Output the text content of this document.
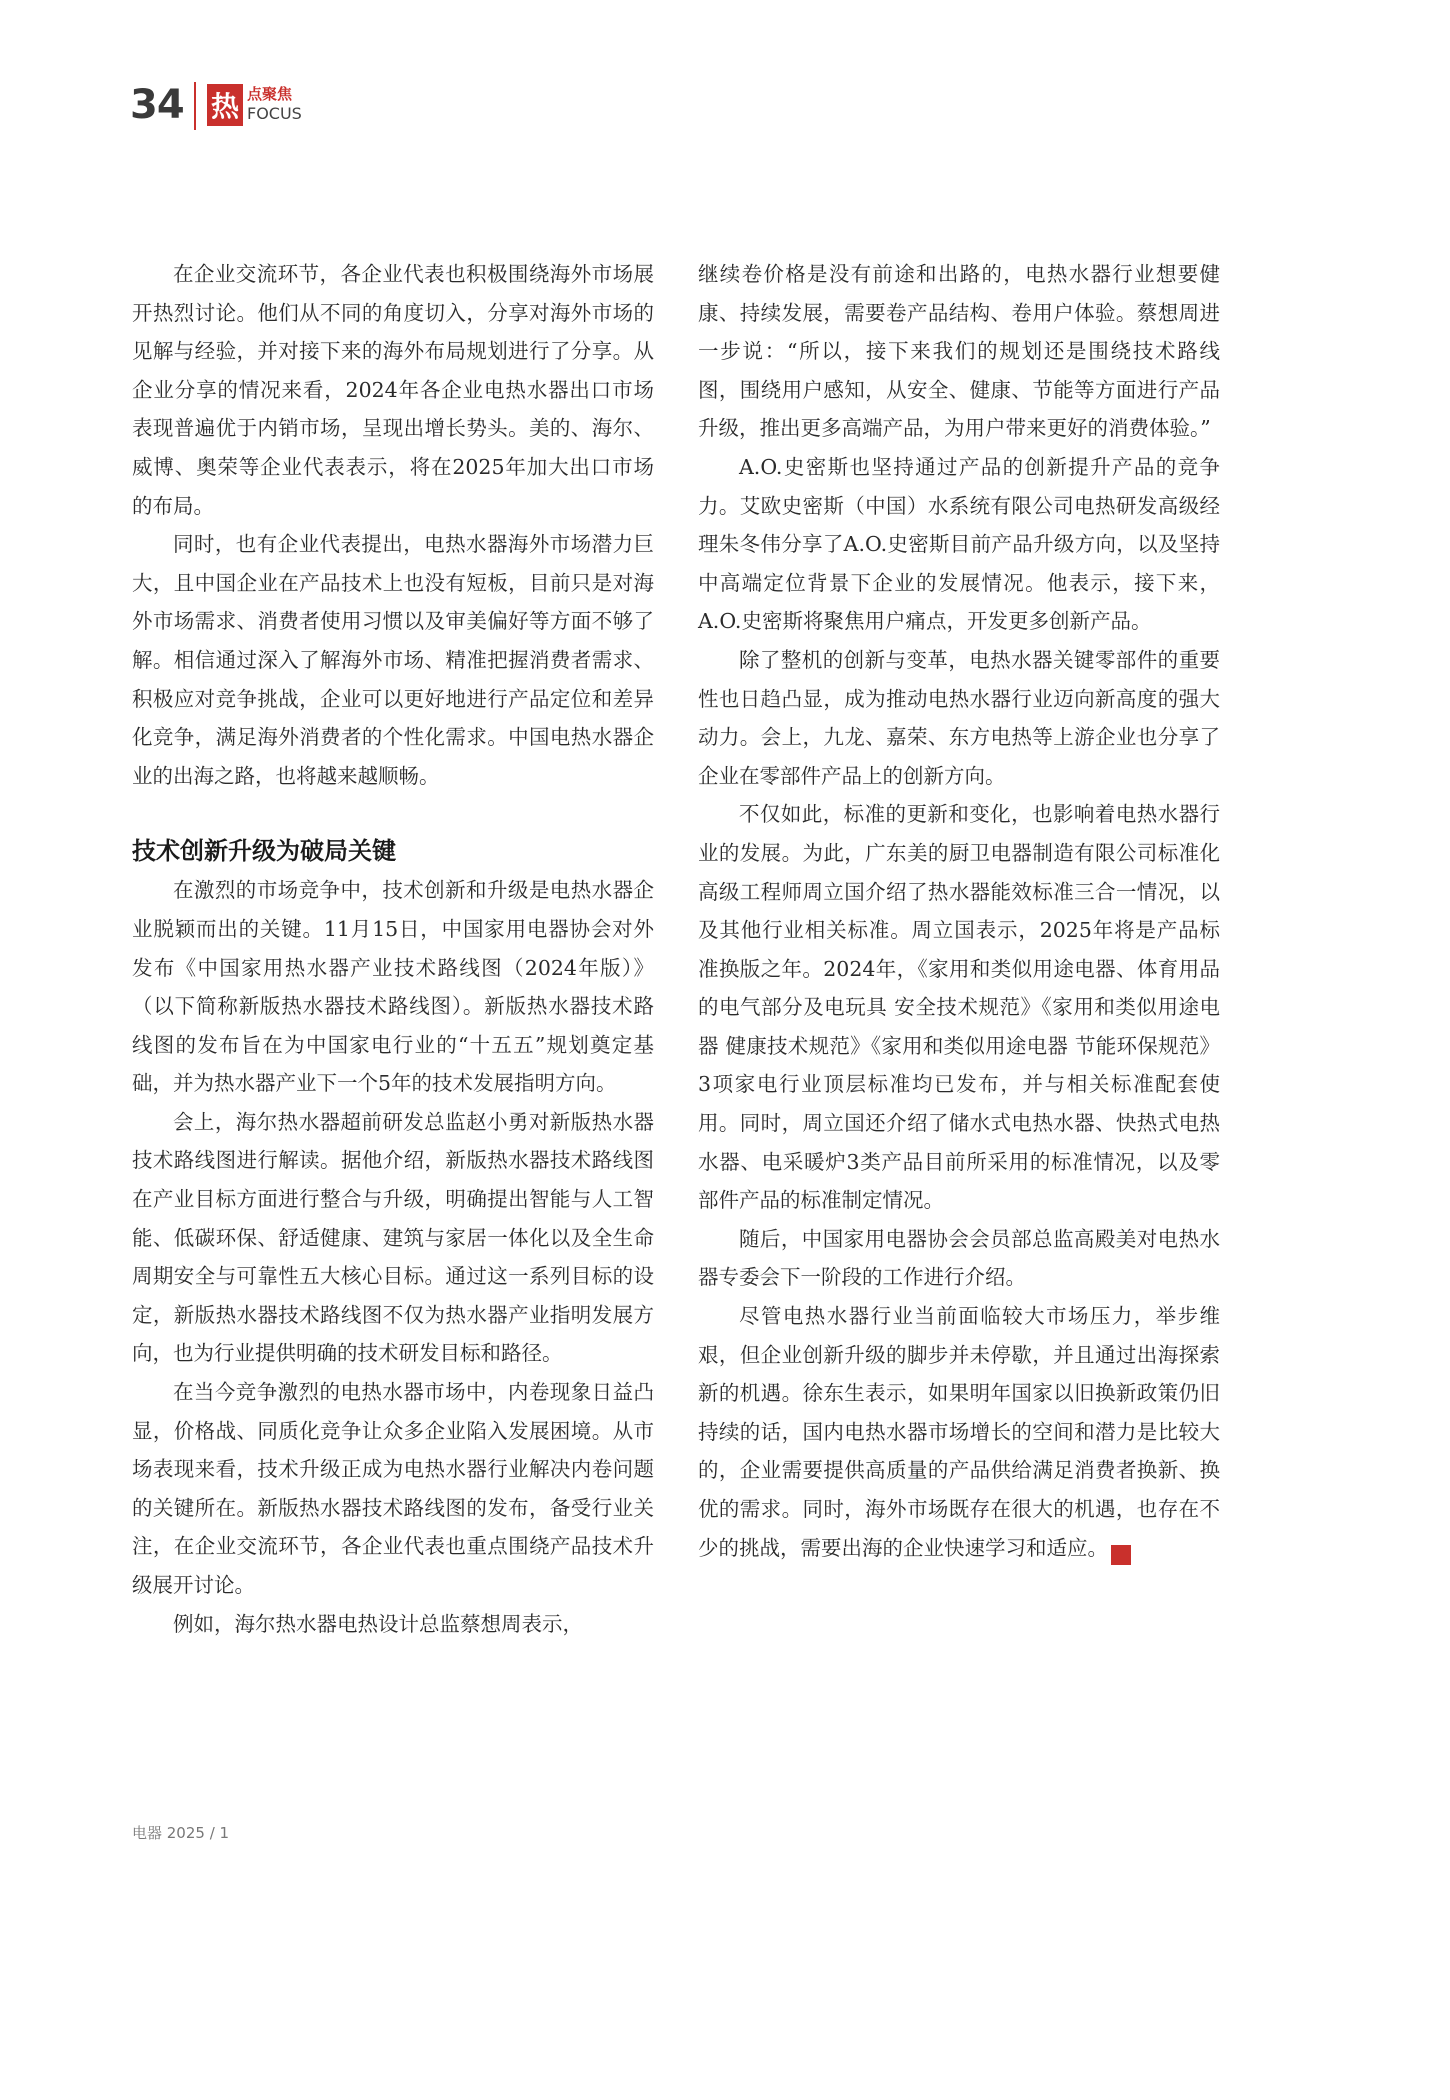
34 热 点聚焦
FOCUS

在企业交流环节，各企业代表也积极围绕海外市场展开热烈讨论。他们从不同的角度切入，分享对海外市场的见解与经验，并对接下来的海外布局规划进行了分享。从企业分享的情况来看，2024年各企业电热水器出口市场表现普遍优于内销市场，呈现出增长势头。美的、海尔、威博、奥荣等企业代表表示，将在2025年加大出口市场的布局。

同时，也有企业代表提出，电热水器海外市场潜力巨大，且中国企业在产品技术上也没有短板，目前只是对海外市场需求、消费者使用习惯以及审美偏好等方面不够了解。相信通过深入了解海外市场、精准把握消费者需求、积极应对竞争挑战，企业可以更好地进行产品定位和差异化竞争，满足海外消费者的个性化需求。中国电热水器企业的出海之路，也将越来越顺畅。

技术创新升级为破局关键

在激烈的市场竞争中，技术创新和升级是电热水器企业脱颖而出的关键。11月15日，中国家用电器协会对外发布《中国家用热水器产业技术路线图（2024年版）》（以下简称新版热水器技术路线图）。新版热水器技术路线图的发布旨在为中国家电行业的“十五五”规划奠定基础，并为热水器产业下一个5年的技术发展指明方向。

会上，海尔热水器超前研发总监赵小勇对新版热水器技术路线图进行解读。据他介绍，新版热水器技术路线图在产业目标方面进行整合与升级，明确提出智能与人工智能、低碳环保、舒适健康、建筑与家居一体化以及全生命周期安全与可靠性五大核心目标。通过这一系列目标的设定，新版热水器技术路线图不仅为热水器产业指明发展方向，也为行业提供明确的技术研发目标和路径。

在当今竞争激烈的电热水器市场中，内卷现象日益凸显，价格战、同质化竞争让众多企业陷入发展困境。从市场表现来看，技术升级正成为电热水器行业解决内卷问题的关键所在。新版热水器技术路线图的发布，备受行业关注，在企业交流环节，各企业代表也重点围绕产品技术升级展开讨论。

例如，海尔热水器电热设计总监蔡想周表示，

继续卷价格是没有前途和出路的，电热水器行业想要健康、持续发展，需要卷产品结构、卷用户体验。蔡想周进一步说：“所以，接下来我们的规划还是围绕技术路线图，围绕用户感知，从安全、健康、节能等方面进行产品升级，推出更多高端产品，为用户带来更好的消费体验。”

A.O.史密斯也坚持通过产品的创新提升产品的竞争力。艾欧史密斯（中国）水系统有限公司电热研发高级经理朱冬伟分享了A.O.史密斯目前产品升级方向，以及坚持中高端定位背景下企业的发展情况。他表示，接下来，A.O.史密斯将聚焦用户痛点，开发更多创新产品。

除了整机的创新与变革，电热水器关键零部件的重要性也日趋凸显，成为推动电热水器行业迈向新高度的强大动力。会上，九龙、嘉荣、东方电热等上游企业也分享了企业在零部件产品上的创新方向。

不仅如此，标准的更新和变化，也影响着电热水器行业的发展。为此，广东美的厨卫电器制造有限公司标准化高级工程师周立国介绍了热水器能效标准三合一情况，以及其他行业相关标准。周立国表示，2025年将是产品标准换版之年。2024年，《家用和类似用途电器、体育用品的电气部分及电玩具 安全技术规范》《家用和类似用途电器 健康技术规范》《家用和类似用途电器 节能环保规范》3项家电行业顶层标准均已发布，并与相关标准配套使用。同时，周立国还介绍了储水式电热水器、快热式电热水器、电采暖炉3类产品目前所采用的标准情况，以及零部件产品的标准制定情况。

随后，中国家用电器协会会员部总监高殿美对电热水器专委会下一阶段的工作进行介绍。

尽管电热水器行业当前面临较大市场压力，举步维艰，但企业创新升级的脚步并未停歇，并且通过出海探索新的机遇。徐东生表示，如果明年国家以旧换新政策仍旧持续的话，国内电热水器市场增长的空间和潜力是比较大的，企业需要提供高质量的产品供给满足消费者换新、换优的需求。同时，海外市场既存在很大的机遇，也存在不少的挑战，需要出海的企业快速学习和适应。	器

电器 2025 / 1
